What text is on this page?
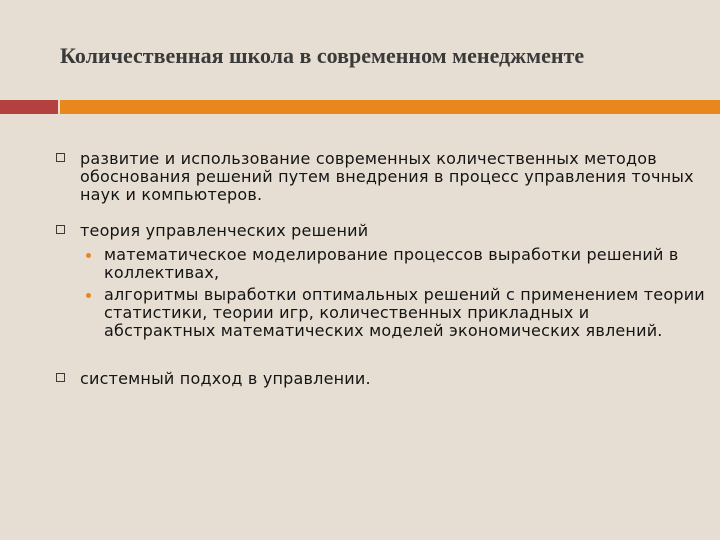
Количественная школа в современном менеджменте
развитие и использование современных количественных методов обоснования решений путем внедрения в процесс управления точных наук и компьютеров.
теория управленческих решений
математическое моделирование процессов выработки решений в коллективах,
алгоритмы выработки оптимальных решений с применением теории статистики, теории игр, количественных прикладных и абстрактных математических моделей экономических явлений.
системный подход в управлении.
